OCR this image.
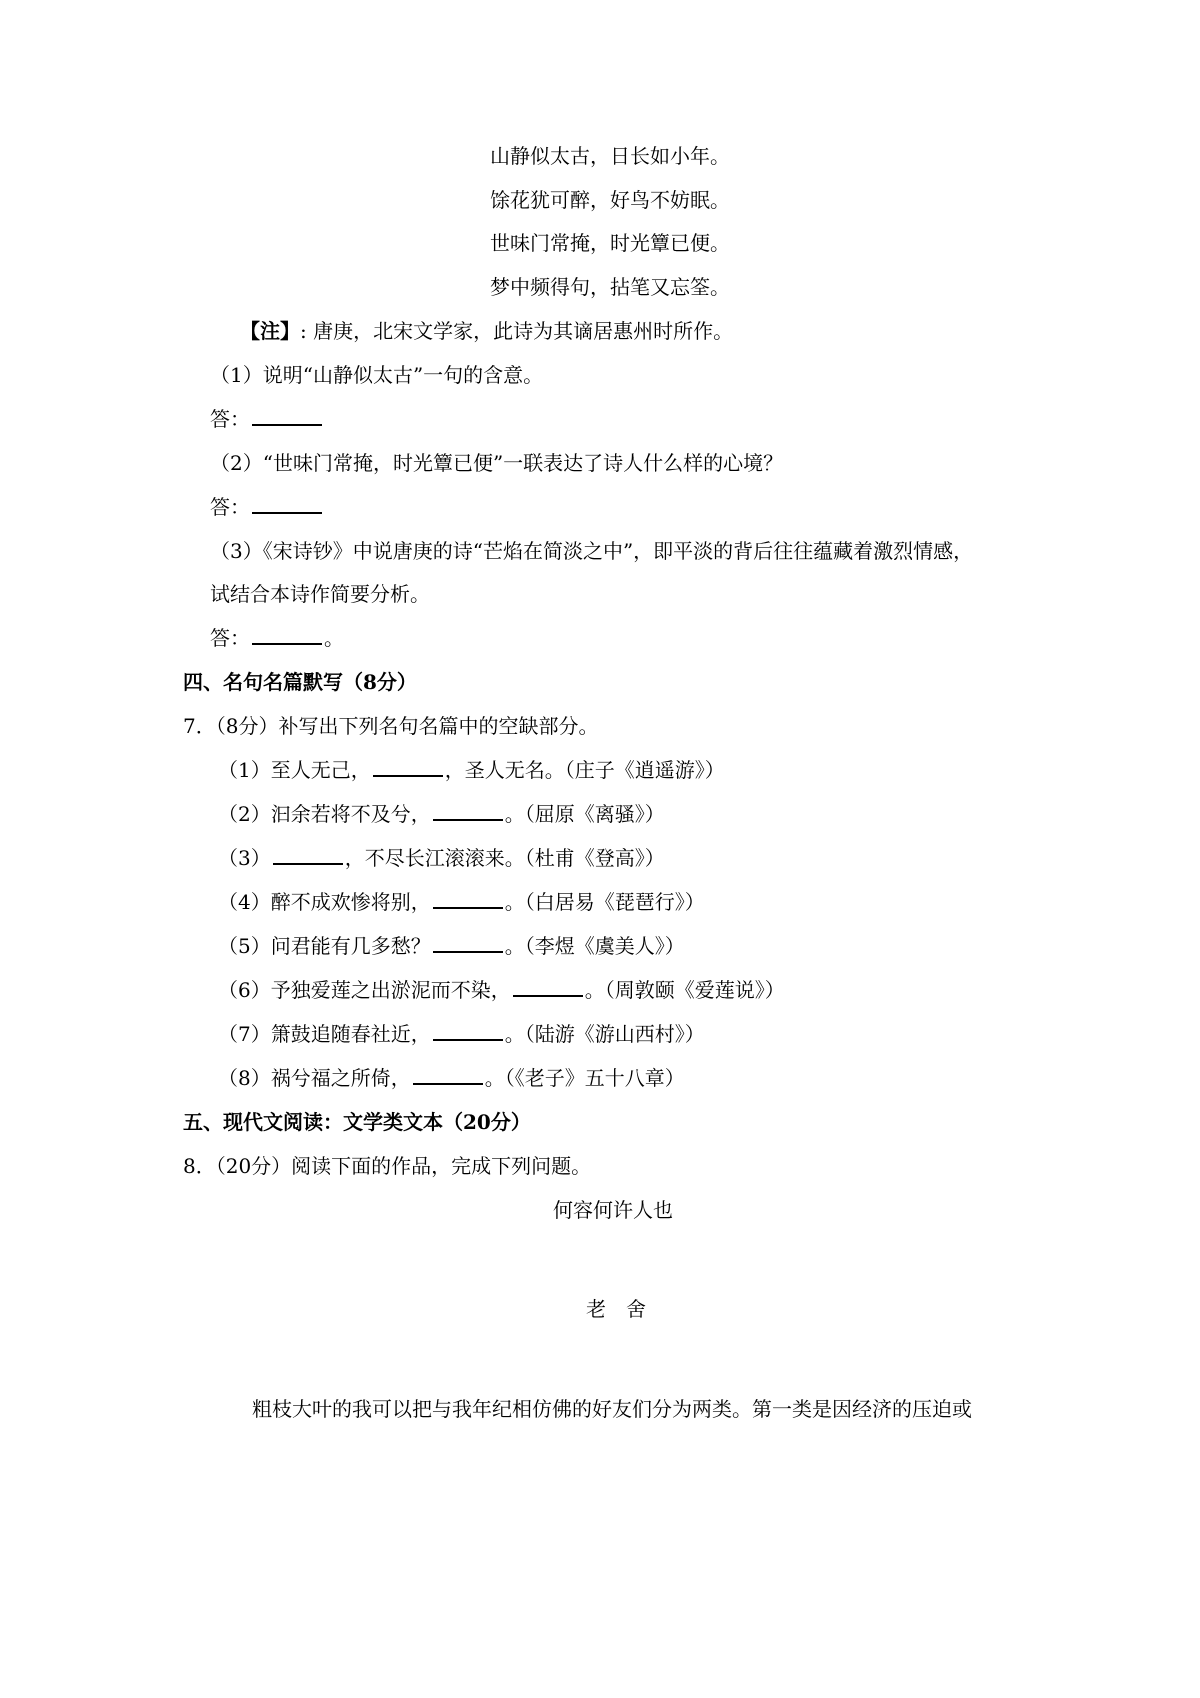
山静似太古，日长如小年。
馀花犹可醉，好鸟不妨眠。
世味门常掩，时光簟已便。
梦中频得句，拈笔又忘筌。
【注】: 唐庚，北宋文学家，此诗为其谪居惠州时所作。
（1）说明“山静似太古”一句的含意。
答：
（2）“世味门常掩，时光簟已便”一联表达了诗人什么样的心境？
答：
（3）《宋诗钞》中说唐庚的诗“芒焰在简淡之中”，即平淡的背后往往蕴藏着激烈情感，
试结合本诗作简要分析。
答：	。
四、名句名篇默写（8分）
7．（8分）补写出下列名句名篇中的空缺部分。
（1）至人无己，	，圣人无名。（庄子《逍遥游》）
（2）汩余若将不及兮，	。（屈原《离骚》）
（3）	，不尽长江滚滚来。（杜甫《登高》）
（4）醉不成欢惨将别，	。（白居易《琵琶行》）
（5）问君能有几多愁？	。（李煜《虞美人》）
（6）予独爱莲之出淤泥而不染，	。（周敦颐《爱莲说》）
（7）箫鼓追随春社近，	。（陆游《游山西村》）
（8）祸兮福之所倚，	。（《老子》五十八章）
五、现代文阅读：文学类文本（20分）
8．（20分）阅读下面的作品，完成下列问题。
何容何许人也
老　舍
粗枝大叶的我可以把与我年纪相仿佛的好友们分为两类。第一类是因经济的压迫或
